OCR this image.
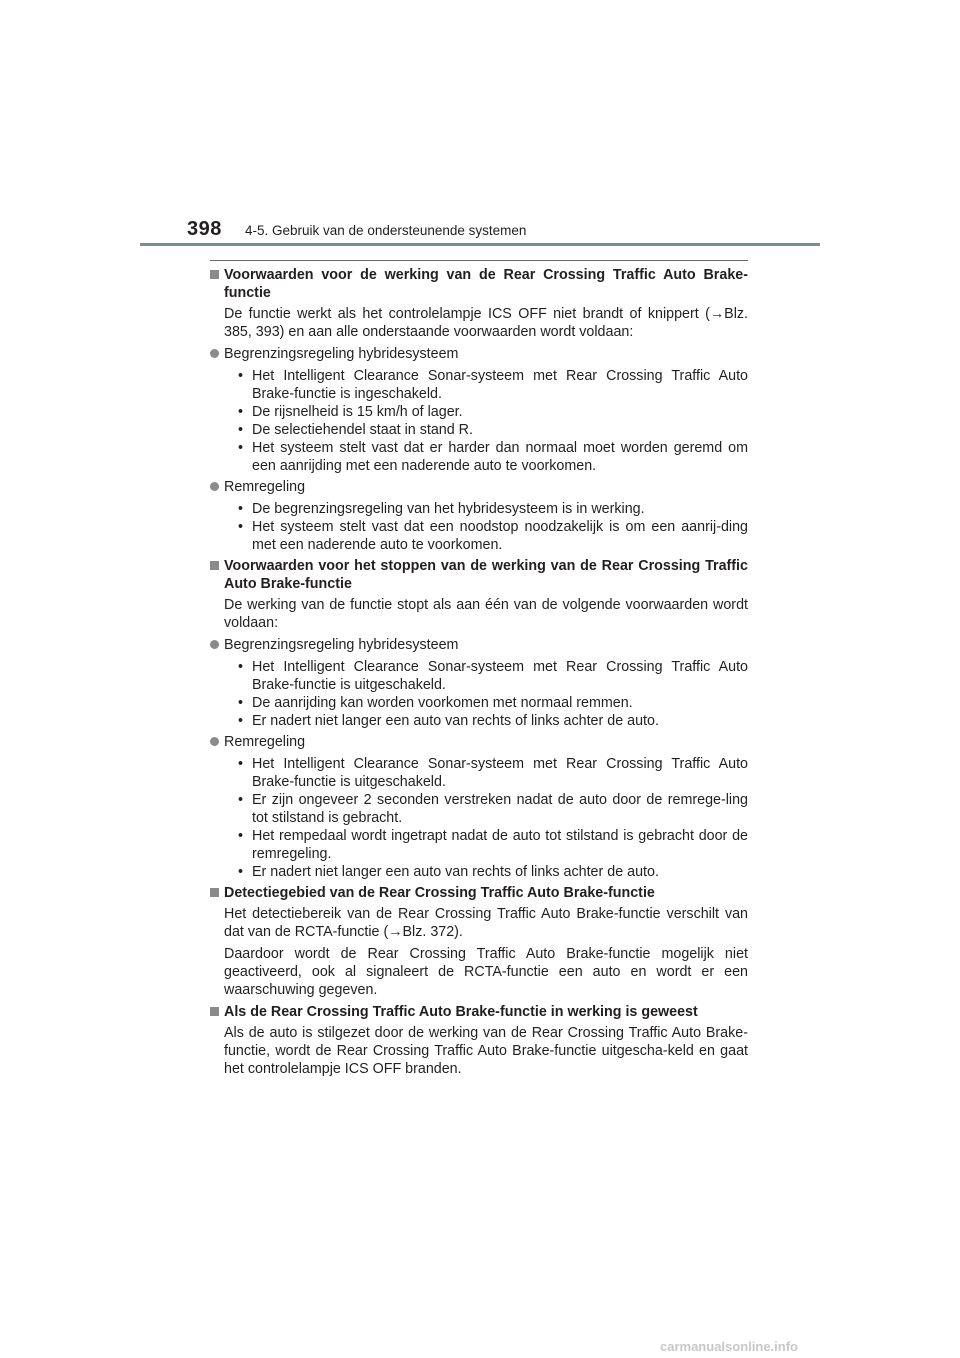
398 4-5. Gebruik van de ondersteunende systemen
Voorwaarden voor de werking van de Rear Crossing Traffic Auto Brake-functie
De functie werkt als het controlelampje ICS OFF niet brandt of knippert (→Blz. 385, 393) en aan alle onderstaande voorwaarden wordt voldaan:
Begrenzingsregeling hybridesysteem
• Het Intelligent Clearance Sonar-systeem met Rear Crossing Traffic Auto Brake-functie is ingeschakeld.
• De rijsnelheid is 15 km/h of lager.
• De selectiehendel staat in stand R.
• Het systeem stelt vast dat er harder dan normaal moet worden geremd om een aanrijding met een naderende auto te voorkomen.
Remregeling
• De begrenzingsregeling van het hybridesysteem is in werking.
• Het systeem stelt vast dat een noodstop noodzakelijk is om een aanrij-ding met een naderende auto te voorkomen.
Voorwaarden voor het stoppen van de werking van de Rear Crossing Traffic Auto Brake-functie
De werking van de functie stopt als aan één van de volgende voorwaarden wordt voldaan:
Begrenzingsregeling hybridesysteem
• Het Intelligent Clearance Sonar-systeem met Rear Crossing Traffic Auto Brake-functie is uitgeschakeld.
• De aanrijding kan worden voorkomen met normaal remmen.
• Er nadert niet langer een auto van rechts of links achter de auto.
Remregeling
• Het Intelligent Clearance Sonar-systeem met Rear Crossing Traffic Auto Brake-functie is uitgeschakeld.
• Er zijn ongeveer 2 seconden verstreken nadat de auto door de remrege-ling tot stilstand is gebracht.
• Het rempedaal wordt ingetrapt nadat de auto tot stilstand is gebracht door de remregeling.
• Er nadert niet langer een auto van rechts of links achter de auto.
Detectiegebied van de Rear Crossing Traffic Auto Brake-functie
Het detectiebereik van de Rear Crossing Traffic Auto Brake-functie verschilt van dat van de RCTA-functie (→Blz. 372).
Daardoor wordt de Rear Crossing Traffic Auto Brake-functie mogelijk niet geactiveerd, ook al signaleert de RCTA-functie een auto en wordt er een waarschuwing gegeven.
Als de Rear Crossing Traffic Auto Brake-functie in werking is geweest
Als de auto is stilgezet door de werking van de Rear Crossing Traffic Auto Brake-functie, wordt de Rear Crossing Traffic Auto Brake-functie uitgescha-keld en gaat het controlelampje ICS OFF branden.
carmanualsonline.info
